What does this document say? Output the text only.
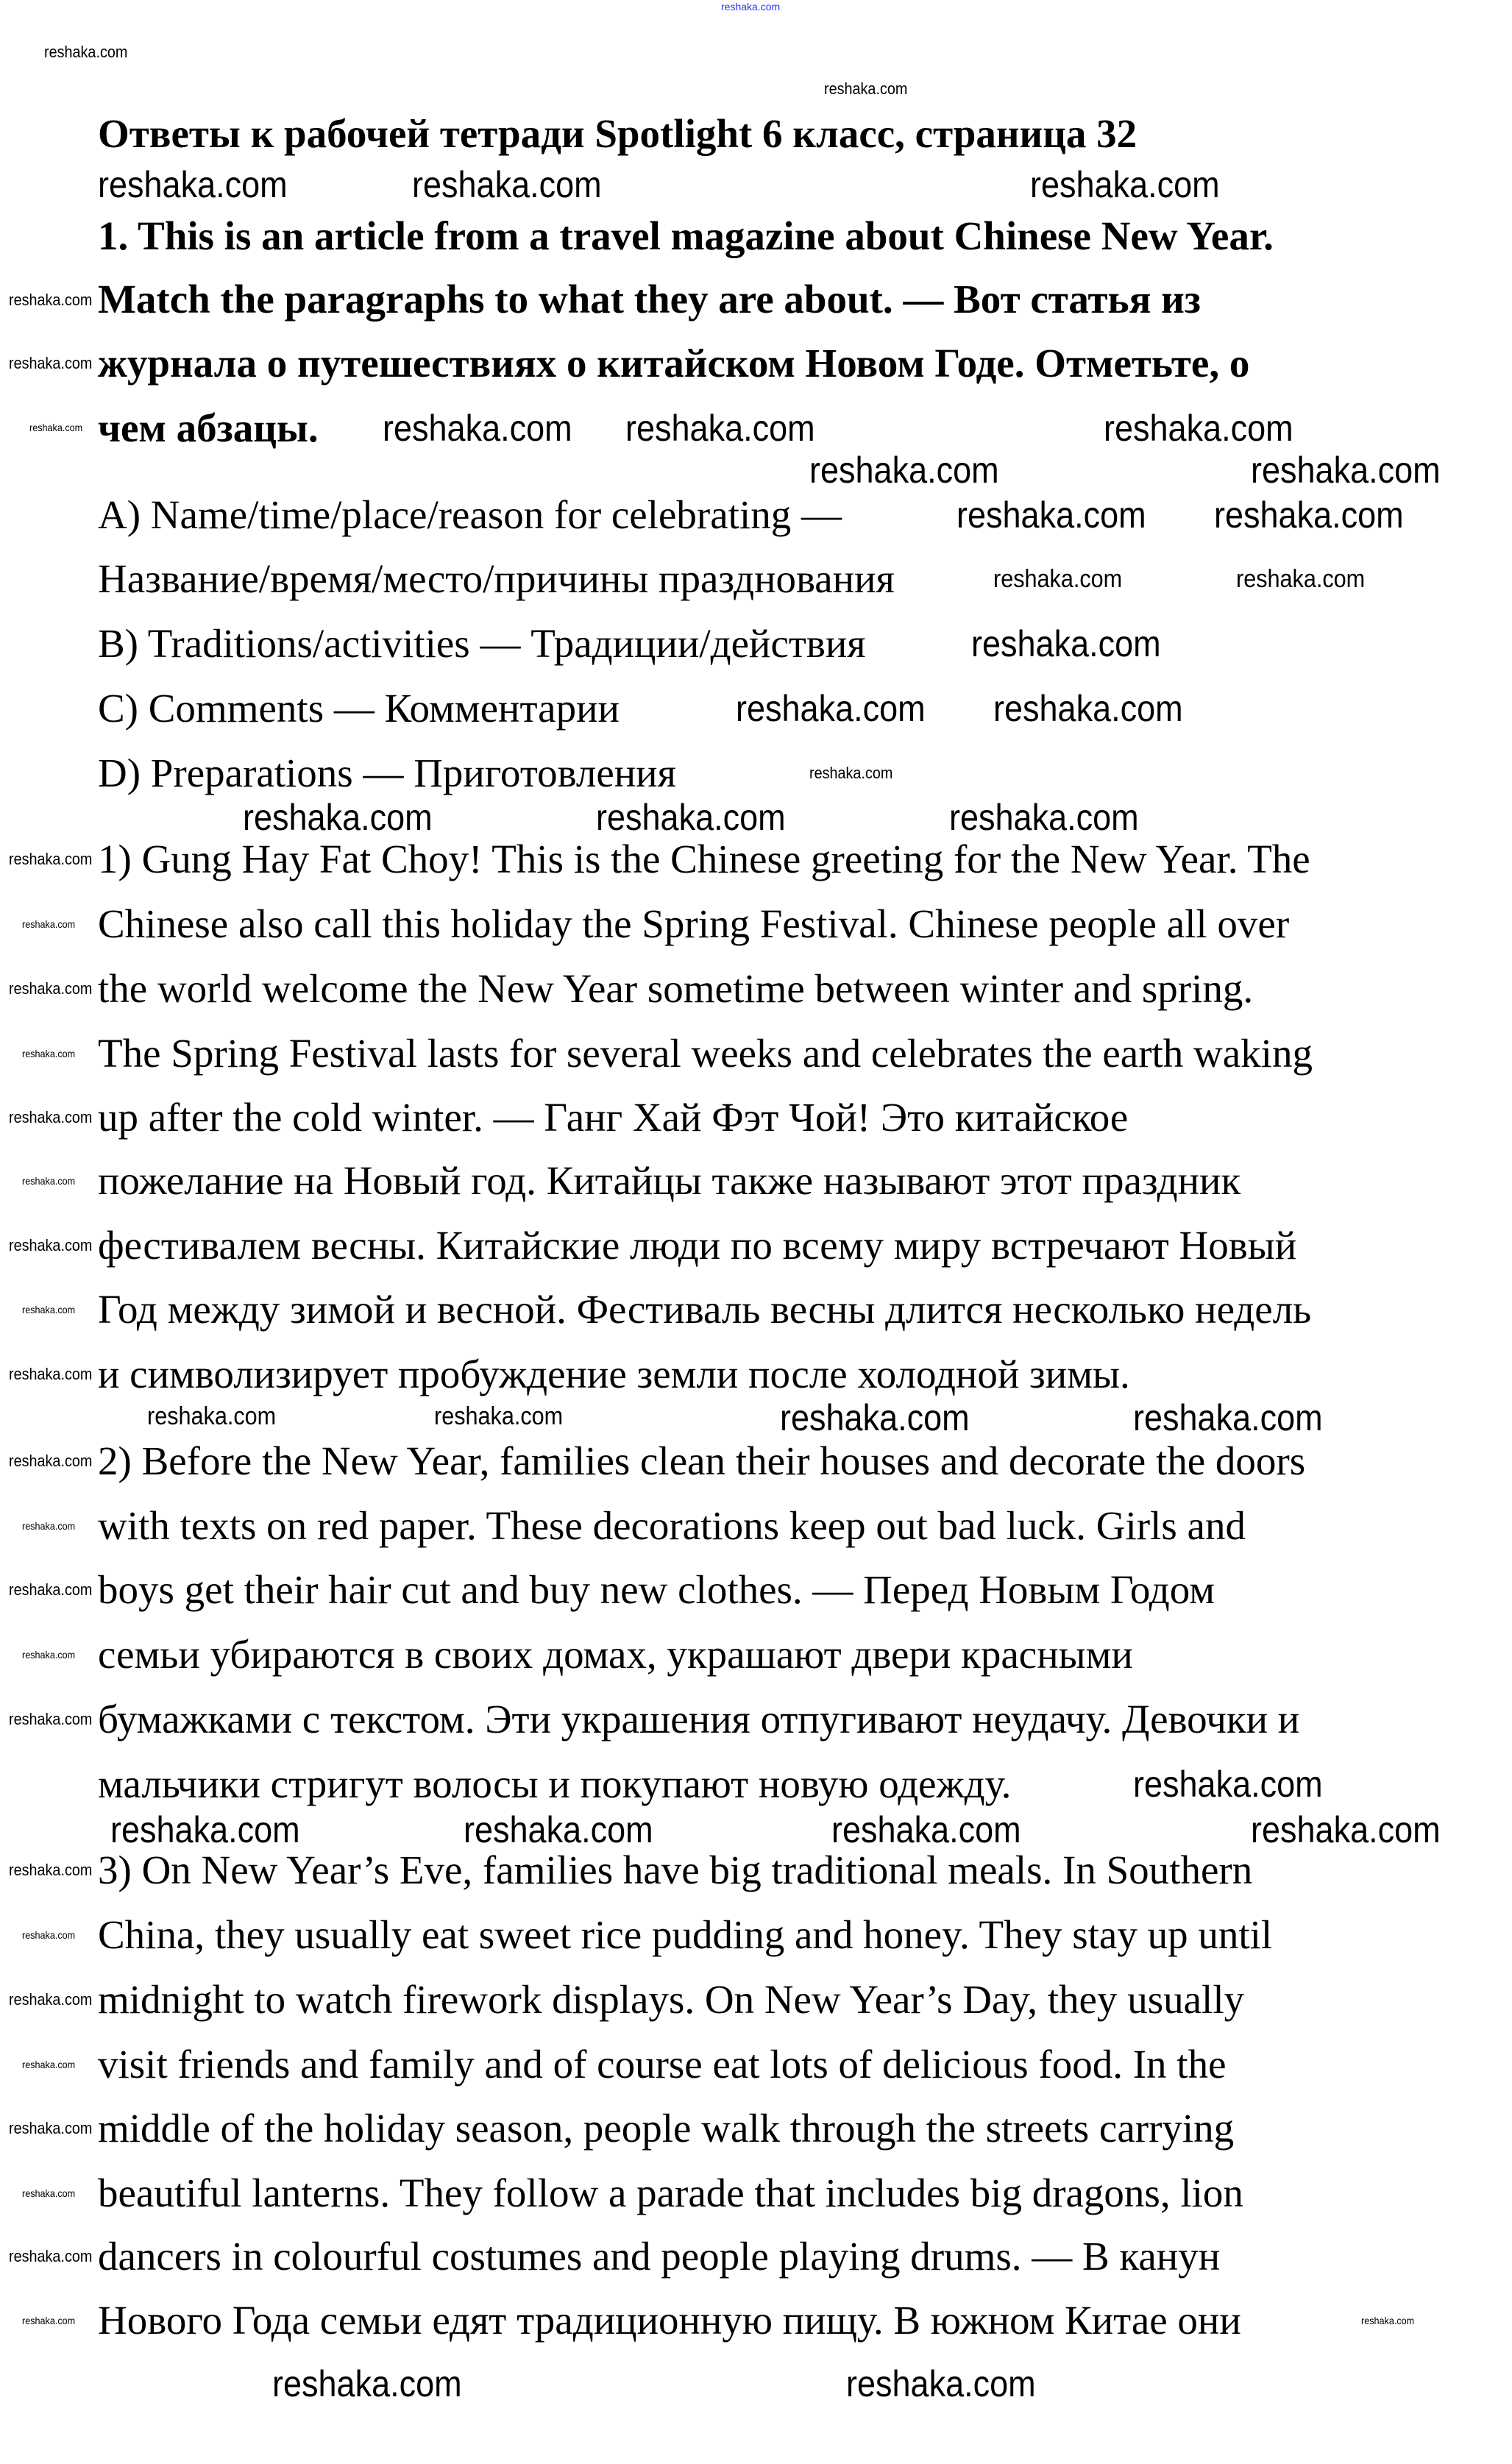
reshaka.com
Ответы к рабочей тетради Spotlight 6 класс, страница 32
1. This is an article from a travel magazine about Chinese New Year.
Match the paragraphs to what they are about. — Вот статья из
журнала о путешествиях о китайском Новом Годе. Отметьте, о
чем абзацы.
A) Name/time/place/reason for celebrating —
Название/время/место/причины празднования
B) Traditions/activities — Традиции/действия
C) Comments — Комментарии
D) Preparations — Приготовления
1) Gung Hay Fat Choy! This is the Chinese greeting for the New Year. The
Chinese also call this holiday the Spring Festival. Chinese people all over
the world welcome the New Year sometime between winter and spring.
The Spring Festival lasts for several weeks and celebrates the earth waking
up after the cold winter. — Ганг Хай Фэт Чой! Это китайское
пожелание на Новый год. Китайцы также называют этот праздник
фестивалем весны. Китайские люди по всему миру встречают Новый
Год между зимой и весной. Фестиваль весны длится несколько недель
и символизирует пробуждение земли после холодной зимы.
2) Before the New Year, families clean their houses and decorate the doors
with texts on red paper. These decorations keep out bad luck. Girls and
boys get their hair cut and buy new clothes. — Перед Новым Годом
семьи убираются в своих домах, украшают двери красными
бумажками с текстом. Эти украшения отпугивают неудачу. Девочки и
мальчики стригут волосы и покупают новую одежду.
3) On New Year’s Eve, families have big traditional meals. In Southern
China, they usually eat sweet rice pudding and honey. They stay up until
midnight to watch firework displays. On New Year’s Day, they usually
visit friends and family and of course eat lots of delicious food. In the
middle of the holiday season, people walk through the streets carrying
beautiful lanterns. They follow a parade that includes big dragons, lion
dancers in colourful costumes and people playing drums. — В канун
Нового Года семьи едят традиционную пищу. В южном Китае они
reshaka.com
reshaka.com
reshaka.com	reshaka.com	reshaka.com
reshaka.com
reshaka.com
reshaka.com	reshaka.com reshaka.com	reshaka.com
reshaka.com	reshaka.com
reshaka.com reshaka.com
reshaka.com	reshaka.com
reshaka.com
reshaka.com reshaka.com
reshaka.com
reshaka.com	reshaka.com	reshaka.com
reshaka.com
reshaka.com
reshaka.com
reshaka.com
reshaka.com
reshaka.com
reshaka.com
reshaka.com
reshaka.com
reshaka.com	reshaka.com	reshaka.com	reshaka.com
reshaka.com
reshaka.com
reshaka.com
reshaka.com
reshaka.com
reshaka.com
reshaka.com	reshaka.com	reshaka.com	reshaka.com
reshaka.com
reshaka.com
reshaka.com
reshaka.com
reshaka.com
reshaka.com
reshaka.com
reshaka.com	reshaka.com
reshaka.com	reshaka.com
